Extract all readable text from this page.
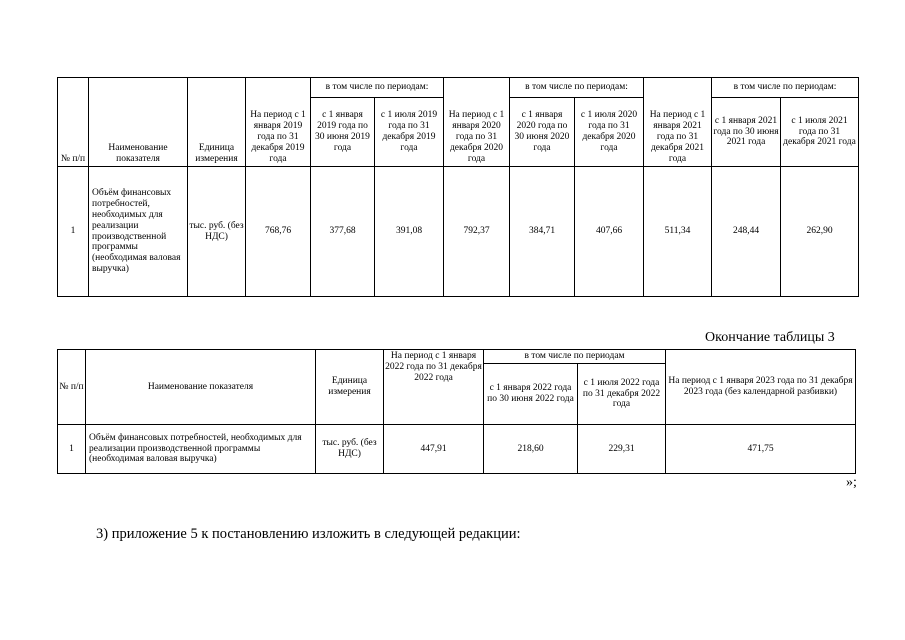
№ п/п	Наименование показателя	Единица измерения	На период с 1 января 2019 года по 31 декабря 2019 года	в том числе по периодам:		На период с 1 января 2020 года по 31 декабря 2020 года	в том числе по периодам:		На период с 1 января 2021 года по 31 декабря 2021 года	в том числе по периодам:	
				с 1 января 2019 года по 30 июня 2019 года	с 1 июля 2019 года по 31 декабря 2019 года		с 1 января 2020 года по 30 июня 2020 года	с 1 июля 2020 года по 31 декабря 2020 года		с 1 января 2021 года по 30 июня 2021 года	с 1 июля 2021 года по 31 декабря 2021 года
1	Объём финансовых потребностей, необходимых для реализации производственной программы (необходимая валовая выручка)	тыс. руб. (без НДС)	768,76	377,68	391,08	792,37	384,71	407,66	511,34	248,44	262,90
Окончание таблицы 3
№ п/п	Наименование показателя	Единица измерения	На период с 1 января 2022 года по 31 декабря 2022 года	в том числе по периодам		На период с 1 января 2023 года по 31 декабря 2023 года (без календарной разбивки)
				с 1 января 2022 года по 30 июня 2022 года	с 1 июля 2022 года по 31 декабря 2022 года	
1	Объём финансовых потребностей, необходимых для реализации производственной программы (необходимая валовая выручка)	тыс. руб. (без НДС)	447,91	218,60	229,31	471,75
»;
3) приложение 5 к постановлению изложить в следующей редакции:
